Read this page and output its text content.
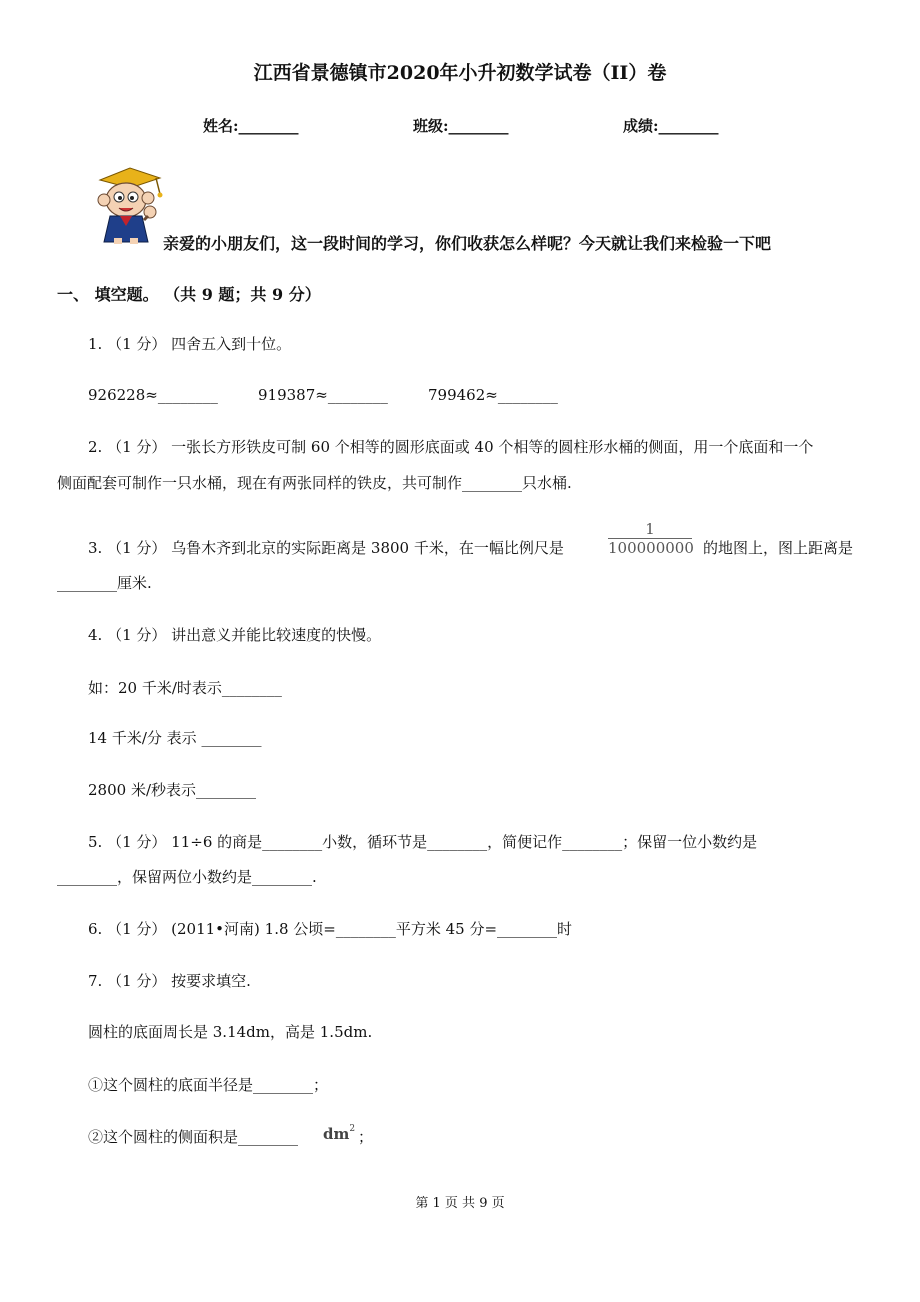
江西省景德镇市2020年小升初数学试卷（II）卷
姓名:________	班级:________	成绩:________
亲爱的小朋友们，这一段时间的学习，你们收获怎么样呢？今天就让我们来检验一下吧
一、 填空题。 （共 9 题；共 9 分）
1. （1 分） 四舍五入到十位。
926228≈________	919387≈________	799462≈________
2. （1 分） 一张长方形铁皮可制 60 个相等的圆形底面或 40 个相等的圆柱形水桶的侧面，用一个底面和一个
侧面配套可制作一只水桶，现在有两张同样的铁皮，共可制作________只水桶.
3. （1 分） 乌鲁木齐到北京的实际距离是 3800 千米，在一幅比例尺是
1
100000000 的地图上，图上距离是
________厘米.
4. （1 分） 讲出意义并能比较速度的快慢。
如：20 千米/时表示________
14 千米/分 表示 ________
2800 米/秒表示________
5. （1 分） 11÷6 的商是________小数，循环节是________，简便记作________；保留一位小数约是
________，保留两位小数约是________.
6. （1 分） (2011•河南) 1.8 公顷=________平方米 45 分=________时
7. （1 分） 按要求填空.
圆柱的底面周长是 3.14dm，高是 1.5dm.
①这个圆柱的底面半径是________；
②这个圆柱的侧面积是________ $dm^2$ ；
第 1 页 共 9 页
